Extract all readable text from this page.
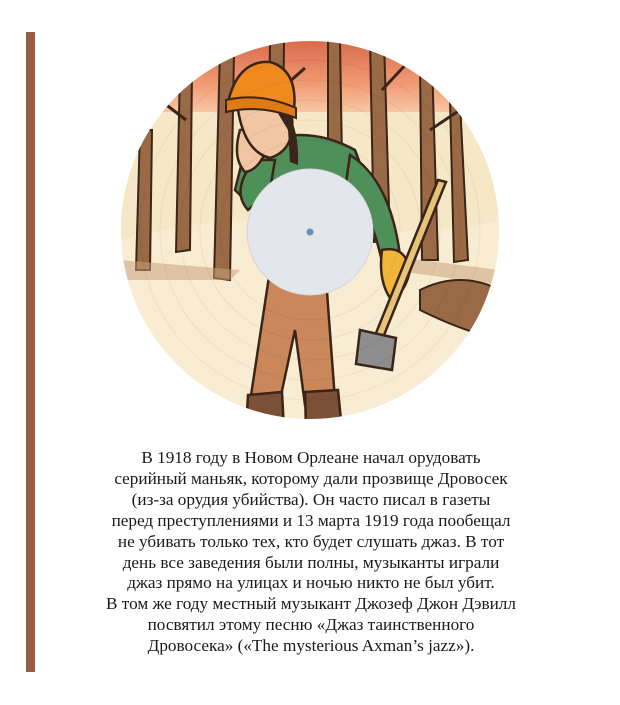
В 1918 году в Новом Орлеане начал орудовать
серийный маньяк, которому дали прозвище Дровосек
(из-за орудия убийства). Он часто писал в газеты
перед преступлениями и 13 марта 1919 года пообещал
не убивать только тех, кто будет слушать джаз. В тот
день все заведения были полны, музыканты играли
джаз прямо на улицах и ночью никто не был убит.
В том же году местный музыкант Джозеф Джон Дэвилл
посвятил этому песню «Джаз таинственного
Дровосека» («The mysterious Axman’s jazz»).
